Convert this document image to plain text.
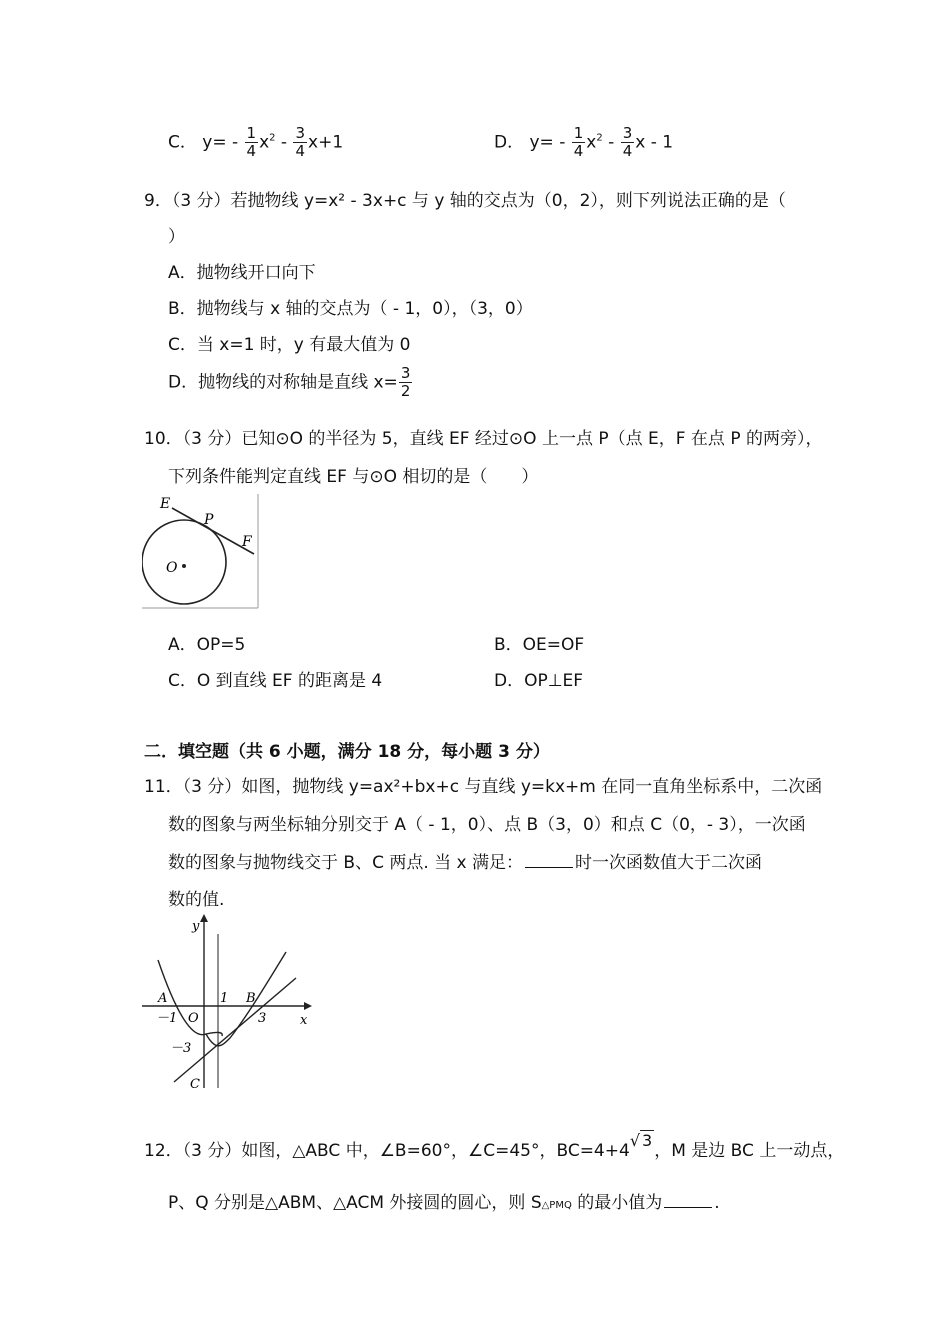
C． $y= - \frac{1}{4} x^2 - \frac{3}{4} x+1$	D． $y= - \frac{1}{4} x^2 - \frac{3}{4}$ x - 1
9．（3 分）若抛物线 y=x² - 3x+c 与 y 轴的交点为（0，2），则下列说法正确的是（
）
A．抛物线开口向下
B．抛物线与 x 轴的交点为（ - 1，0），（3，0）
C．当 x=1 时，y 有最大值为 0
D．抛物线的对称轴是直线 $x= \frac{3}{2}$
10．（3 分）已知⊙O 的半径为 5，直线 EF 经过⊙O 上一点 P（点 E，F 在点 P 的两旁），
下列条件能判定直线 EF 与⊙O 相切的是（　　）
E
P
F
O
A．OP=5	B．OE=OF
C．O 到直线 EF 的距离是 4	D．OP⊥EF
二．填空题（共 6 小题，满分 18 分，每小题 3 分）
11．（3 分）如图，抛物线 y=ax²+bx+c 与直线 y=kx+m 在同一直角坐标系中，二次函
数的图象与两坐标轴分别交于 A（ - 1，0）、点 B（3，0）和点 C（0，- 3），一次函
数的图象与抛物线交于 B、C 两点. 当 x 满足：	时一次函数值大于二次函
数的值.
y
x
A	B
C
O
－1
1
3
－3
12．（3 分）如图，△ABC 中，∠B=60°，∠C=45°，BC=4+4√ 3，M 是边 BC 上一动点，
P、Q 分别是△ABM、△ACM 外接圆的圆心，则 S△PMQ 的最小值为	.
